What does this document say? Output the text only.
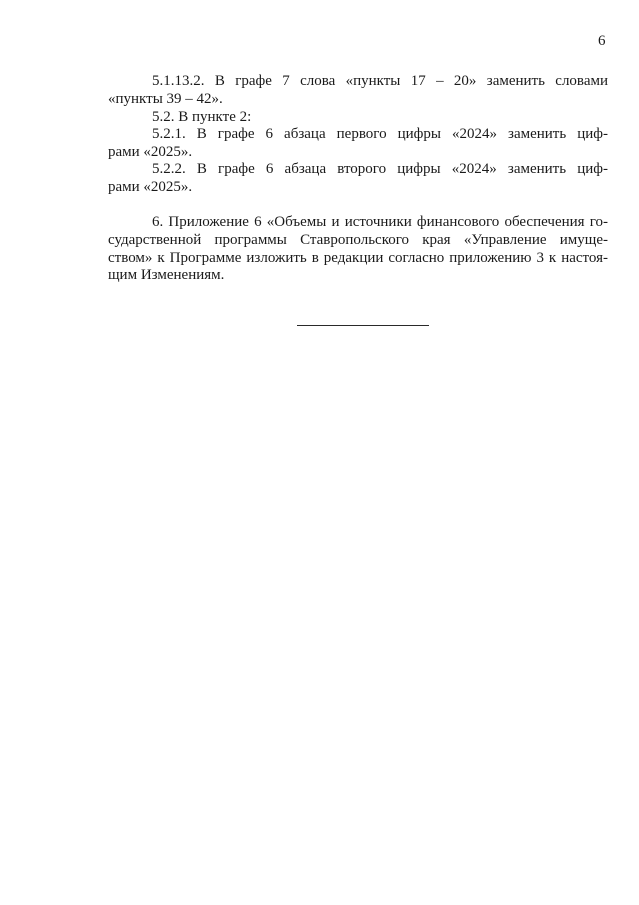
6
5.1.13.2. В графе 7 слова «пункты 17 – 20» заменить словами
«пункты 39 – 42».
5.2. В пункте 2:
5.2.1. В графе 6 абзаца первого цифры «2024» заменить циф-
рами «2025».
5.2.2. В графе 6 абзаца второго цифры «2024» заменить циф-
рами «2025».
6. Приложение 6 «Объемы и источники финансового обеспечения го-
сударственной программы Ставропольского края «Управление имуще-
ством» к Программе изложить в редакции согласно приложению 3 к настоя-
щим Изменениям.
